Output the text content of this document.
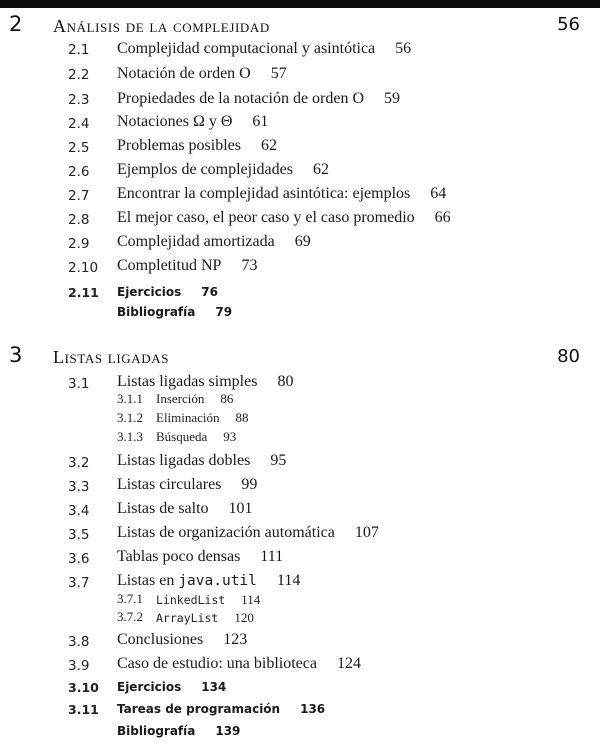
2 Análisis de la complejidad	56
2.1 Complejidad computacional y asintótica 56
2.2 Notación de orden O 57
2.3 Propiedades de la notación de orden O 59
2.4 Notaciones Ω y Θ 61
2.5 Problemas posibles 62
2.6 Ejemplos de complejidades 62
2.7 Encontrar la complejidad asintótica: ejemplos 64
2.8 El mejor caso, el peor caso y el caso promedio 66
2.9 Complejidad amortizada 69
2.10 Completitud NP 73
2.11 Ejercicios 76
Bibliografía 79
3 Listas ligadas	80
3.1 Listas ligadas simples 80
3.1.1 Inserción 86
3.1.2 Eliminación 88
3.1.3 Búsqueda 93
3.2 Listas ligadas dobles 95
3.3 Listas circulares 99
3.4 Listas de salto 101
3.5 Listas de organización automática 107
3.6 Tablas poco densas 111
3.7 Listas en java.util 114
3.7.1 LinkedList 114
3.7.2 ArrayList 120
3.8 Conclusiones 123
3.9 Caso de estudio: una biblioteca 124
3.10 Ejercicios 134
3.11 Tareas de programación 136
Bibliografía 139
